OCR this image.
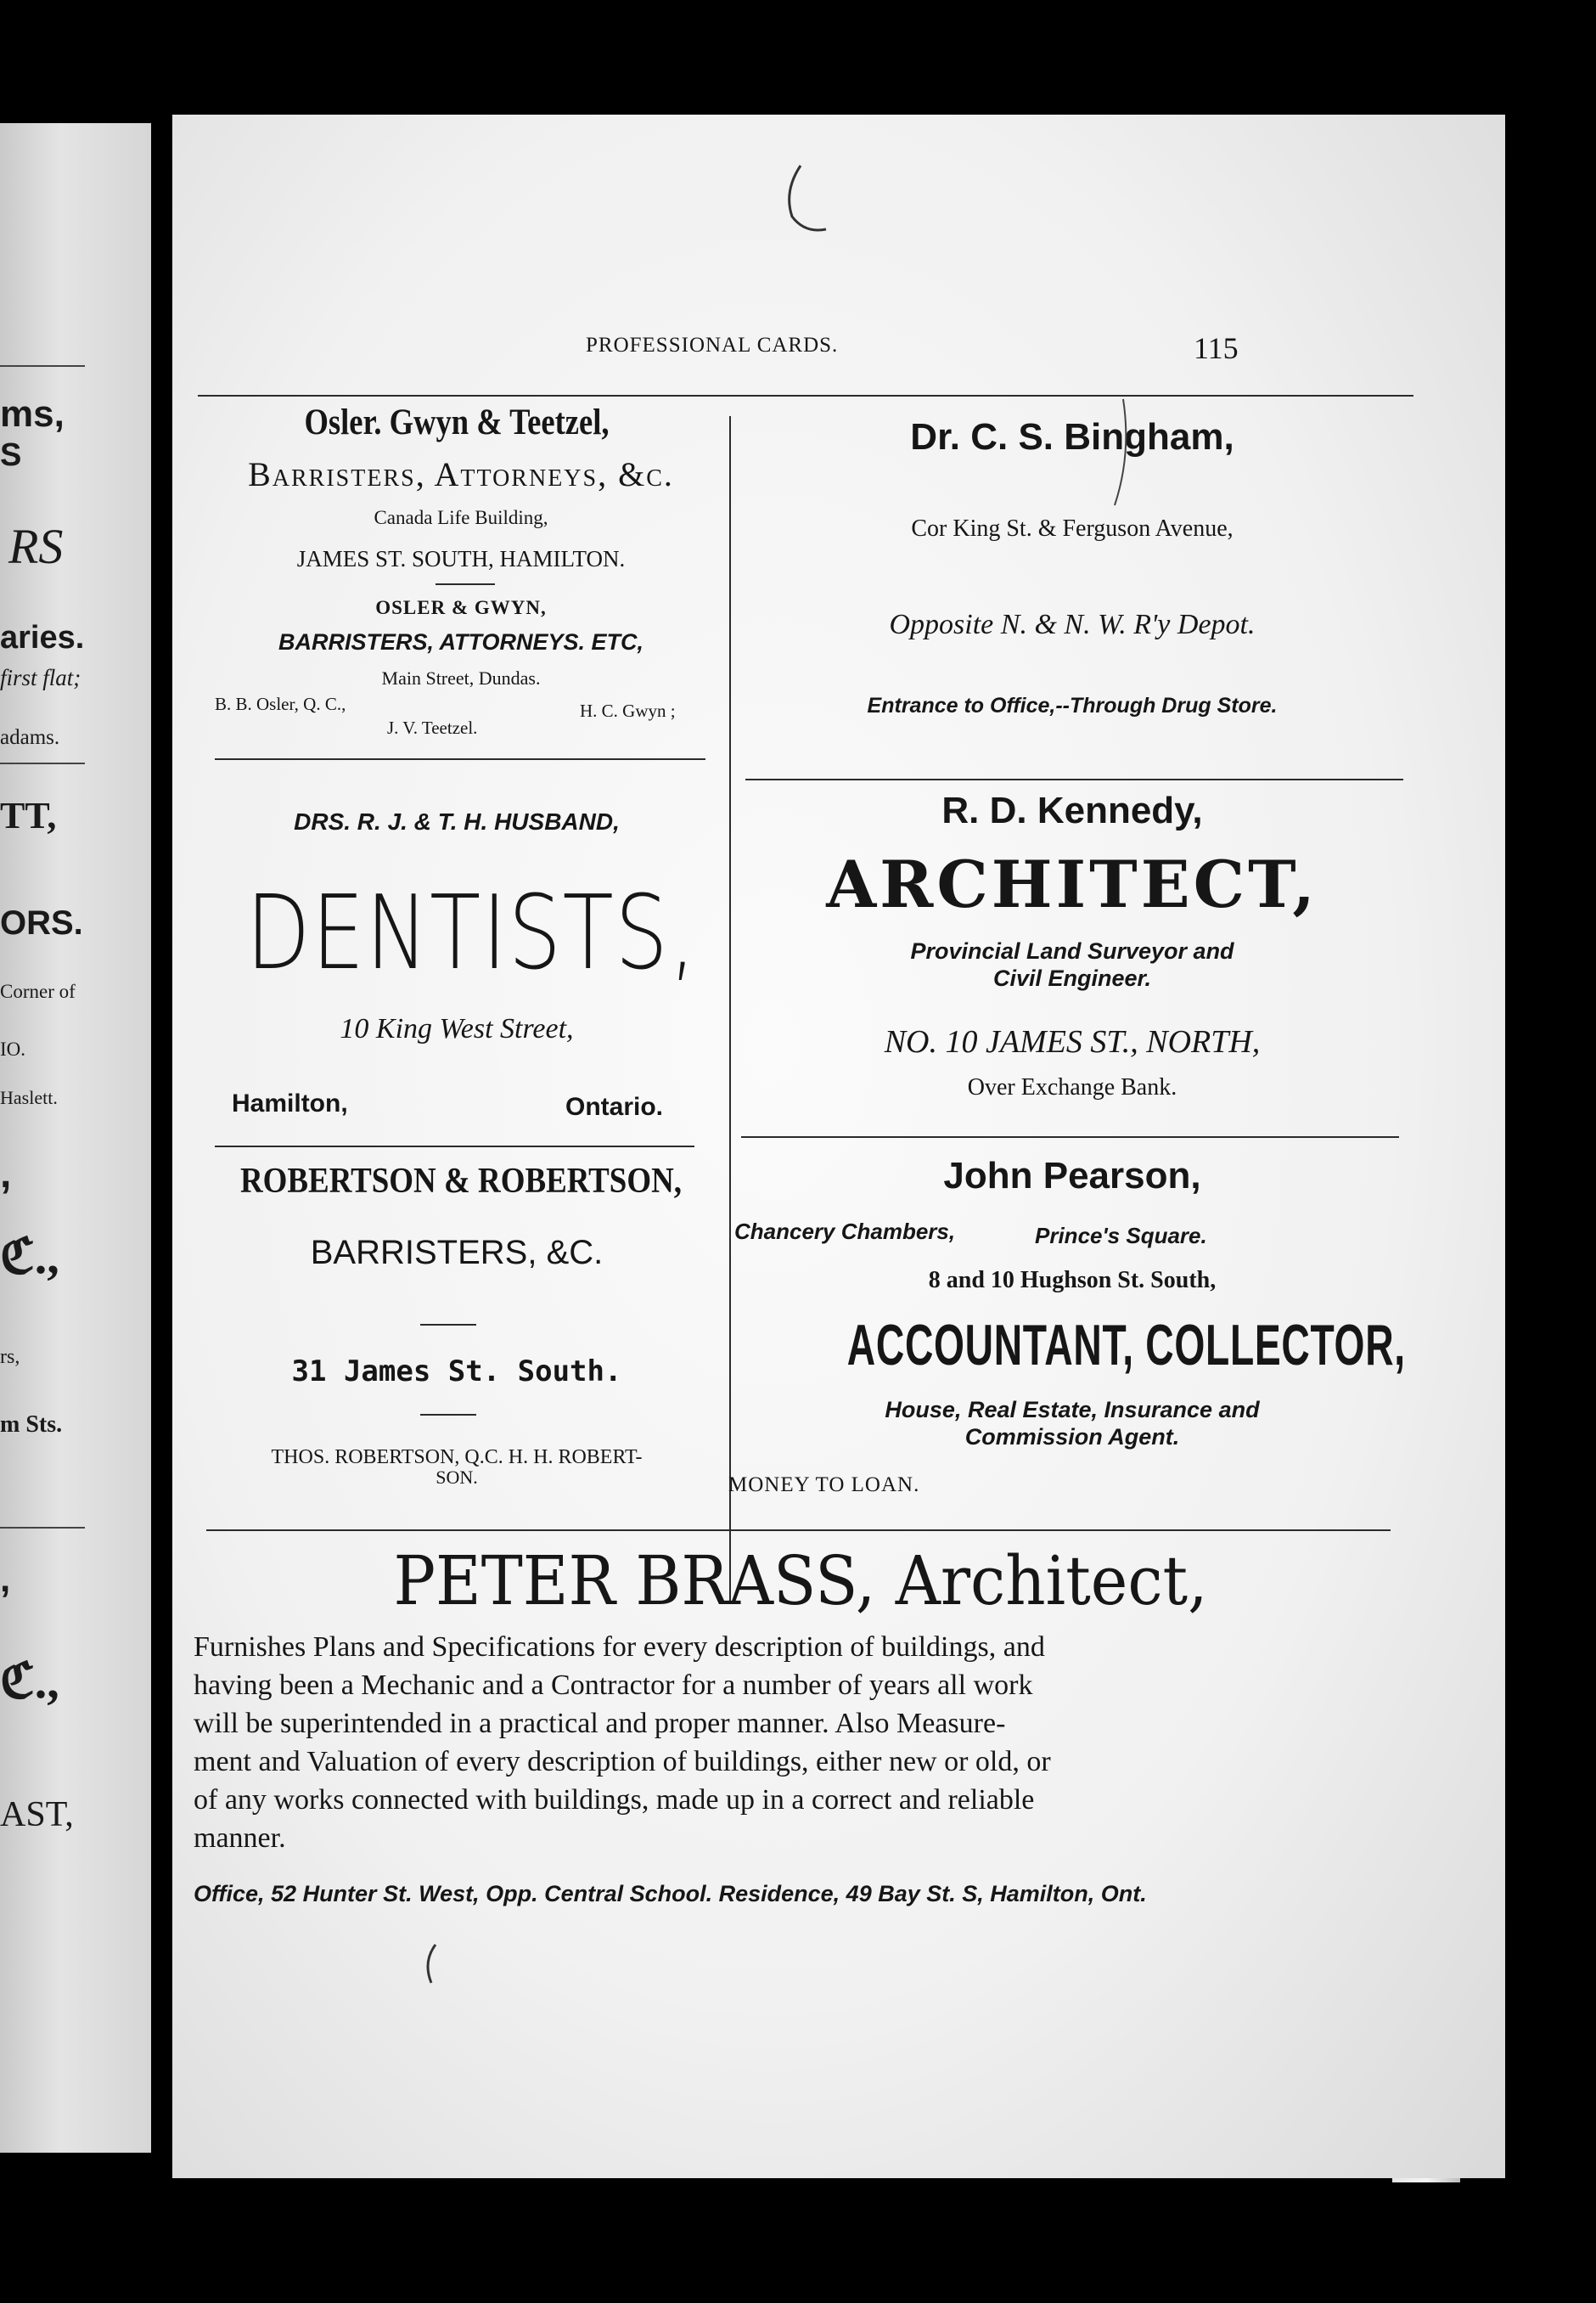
ms,
S
RS
aries.
first flat;
adams.
TT,
ORS.
Corner of
IO.
Haslett.
,
ℭ.,
rs,
m Sts.
,
ℭ.,
AST,
PROFESSIONAL CARDS.	115
Osler. Gwyn & Teetzel,
Barristers, Attorneys, &c.
Canada Life Building,
JAMES ST. SOUTH, HAMILTON.
OSLER & GWYN,
BARRISTERS, ATTORNEYS. ETC,
Main Street, Dundas.
B. B. Osler, Q. C.,	H. C. Gwyn ;
J. V. Teetzel.
Dr. C. S. Bingham,
Cor King St. & Ferguson Avenue,
Opposite N. & N. W. R'y Depot.
Entrance to Office,--Through Drug Store.
DRS. R. J. & T. H. HUSBAND,
DENTISTS,
10 King West Street,
Hamilton,	Ontario.
R. D. Kennedy,
ARCHITECT,
Provincial Land Surveyor and
Civil Engineer.
NO. 10 JAMES ST., NORTH,
Over Exchange Bank.
ROBERTSON & ROBERTSON,
BARRISTERS, &C.
31 James St. South.
THOS. ROBERTSON, Q.C. H. H. ROBERT-
SON.
John Pearson,
Chancery Chambers,	Prince's Square.
8 and 10 Hughson St. South,
ACCOUNTANT, COLLECTOR,
House, Real Estate, Insurance and
Commission Agent.
MONEY TO LOAN.
PETER BRASS, Architect,
Furnishes Plans and Specifications for every description of buildings, and
having been a Mechanic and a Contractor for a number of years all work
will be superintended in a practical and proper manner. Also Measure-
ment and Valuation of every description of buildings, either new or old, or
of any works connected with buildings, made up in a correct and reliable
manner.
Office, 52 Hunter St. West, Opp. Central School. Residence, 49 Bay St. S, Hamilton, Ont.
